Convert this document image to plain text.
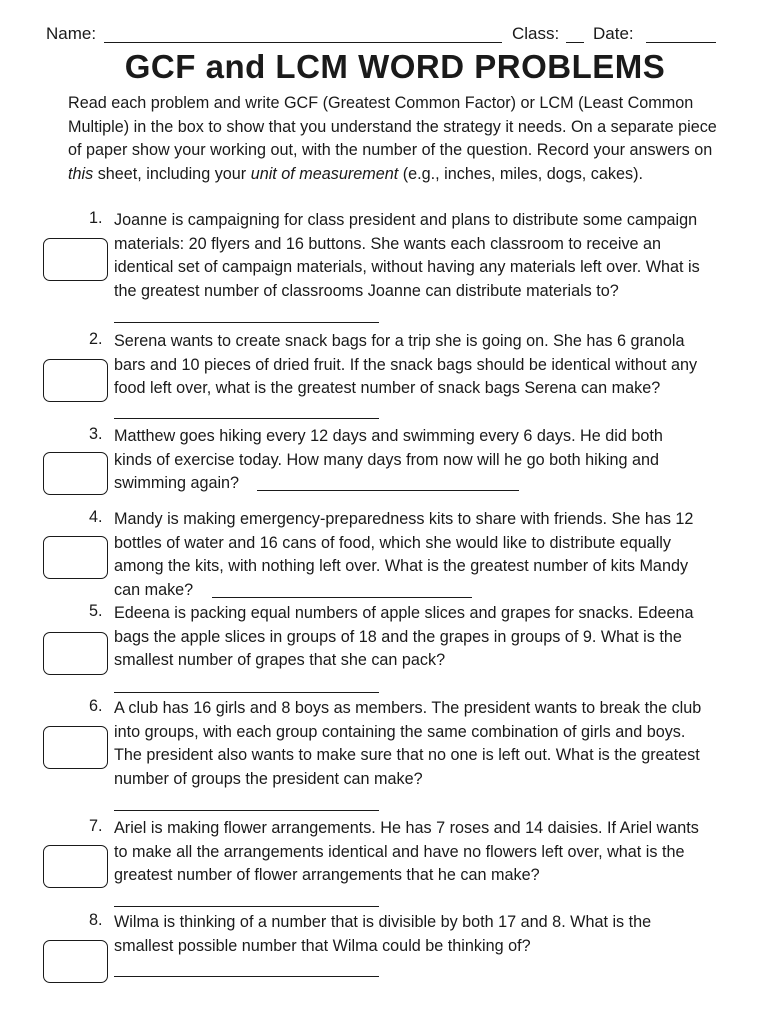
Name:	Class: Date:
GCF and LCM WORD PROBLEMS

Read each problem and write GCF (Greatest Common Factor) or LCM (Least Common

Multiple) in the box to show that you understand the strategy it needs. On a separate piece

of paper show your working out, with the number of the question. Record your answers on

this sheet, including your unit of measurement (e.g., inches, miles, dogs, cakes).

1. Joanne is campaigning for class president and plans to distribute some campaign
materials: 20 flyers and 16 buttons. She wants each classroom to receive an
identical set of campaign materials, without having any materials left over. What is
the greatest number of classrooms Joanne can distribute materials to?
2. Serena wants to create snack bags for a trip she is going on. She has 6 granola
bars and 10 pieces of dried fruit. If the snack bags should be identical without any
food left over, what is the greatest number of snack bags Serena can make?
3. Matthew goes hiking every 12 days and swimming every 6 days. He did both
kinds of exercise today. How many days from now will he go both hiking and
swimming again?
4. Mandy is making emergency-preparedness kits to share with friends. She has 12
bottles of water and 16 cans of food, which she would like to distribute equally
among the kits, with nothing left over. What is the greatest number of kits Mandy
can make?
5. Edeena is packing equal numbers of apple slices and grapes for snacks. Edeena
bags the apple slices in groups of 18 and the grapes in groups of 9. What is the
smallest number of grapes that she can pack?
6. A club has 16 girls and 8 boys as members. The president wants to break the club
into groups, with each group containing the same combination of girls and boys.
The president also wants to make sure that no one is left out. What is the greatest
number of groups the president can make?
7. Ariel is making flower arrangements. He has 7 roses and 14 daisies. If Ariel wants
to make all the arrangements identical and have no flowers left over, what is the
greatest number of flower arrangements that he can make?
8. Wilma is thinking of a number that is divisible by both 17 and 8. What is the
smallest possible number that Wilma could be thinking of?
